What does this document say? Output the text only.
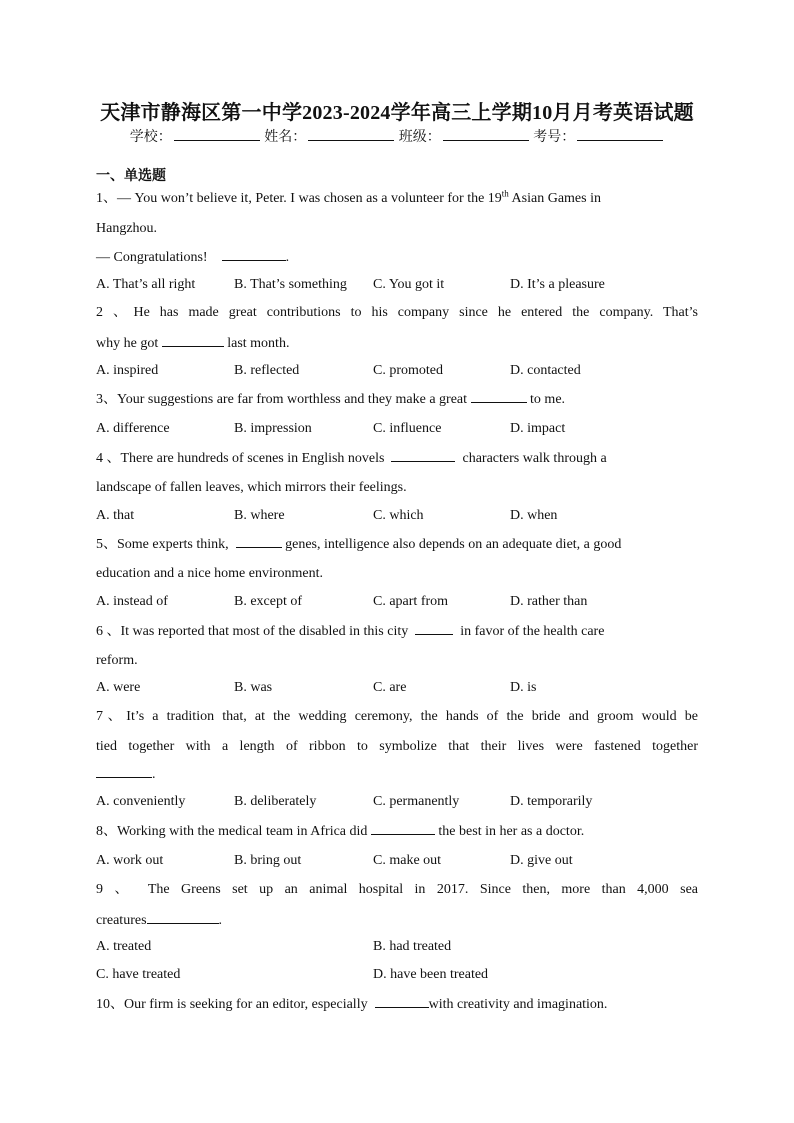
天津市静海区第一中学2023-2024学年高三上学期10月月考英语试题
学校：	姓名：	班级：	考号：
一、单选题
1、— You won’t believe it, Peter. I was chosen as a volunteer for the 19th Asian Games in
Hangzhou.
— Congratulations!	.
A. That’s all right	B. That’s something C. You got it	D. It’s a pleasure
2 、He has made great contributions to his company since he entered the company. That’s
why he got	last month.
A. inspired	B. reflected	C. promoted	D. contacted
3、Your suggestions are far from worthless and they make a great	to me.
A. difference	B. impression	C. influence	D. impact
4 、There are hundreds of scenes in English novels	characters walk through a
landscape of fallen leaves, which mirrors their feelings.
A. that	B. where	C. which	D. when
5、Some experts think,	genes, intelligence also depends on an adequate diet, a good
education and a nice home environment.
A. instead of	B. except of	C. apart from	D. rather than
6 、It was reported that most of the disabled in this city	in favor of the health care
reform.
A. were	B. was	C. are	D. is
7、It’s a tradition that, at the wedding ceremony, the hands of the bride and groom would be
tied together with a length of ribbon to symbolize that their lives were fastened together
.
A. conveniently	B. deliberately	C. permanently	D. temporarily
8、Working with the medical team in Africa did	the best in her as a doctor.
A. work out	B. bring out	C. make out	D. give out
9 、 The Greens set up an animal hospital in 2017. Since then, more than 4,000 sea
creatures	.
A. treated	B. had treated
C. have treated	D. have been treated
10、Our firm is seeking for an editor, especially	with creativity and imagination.
